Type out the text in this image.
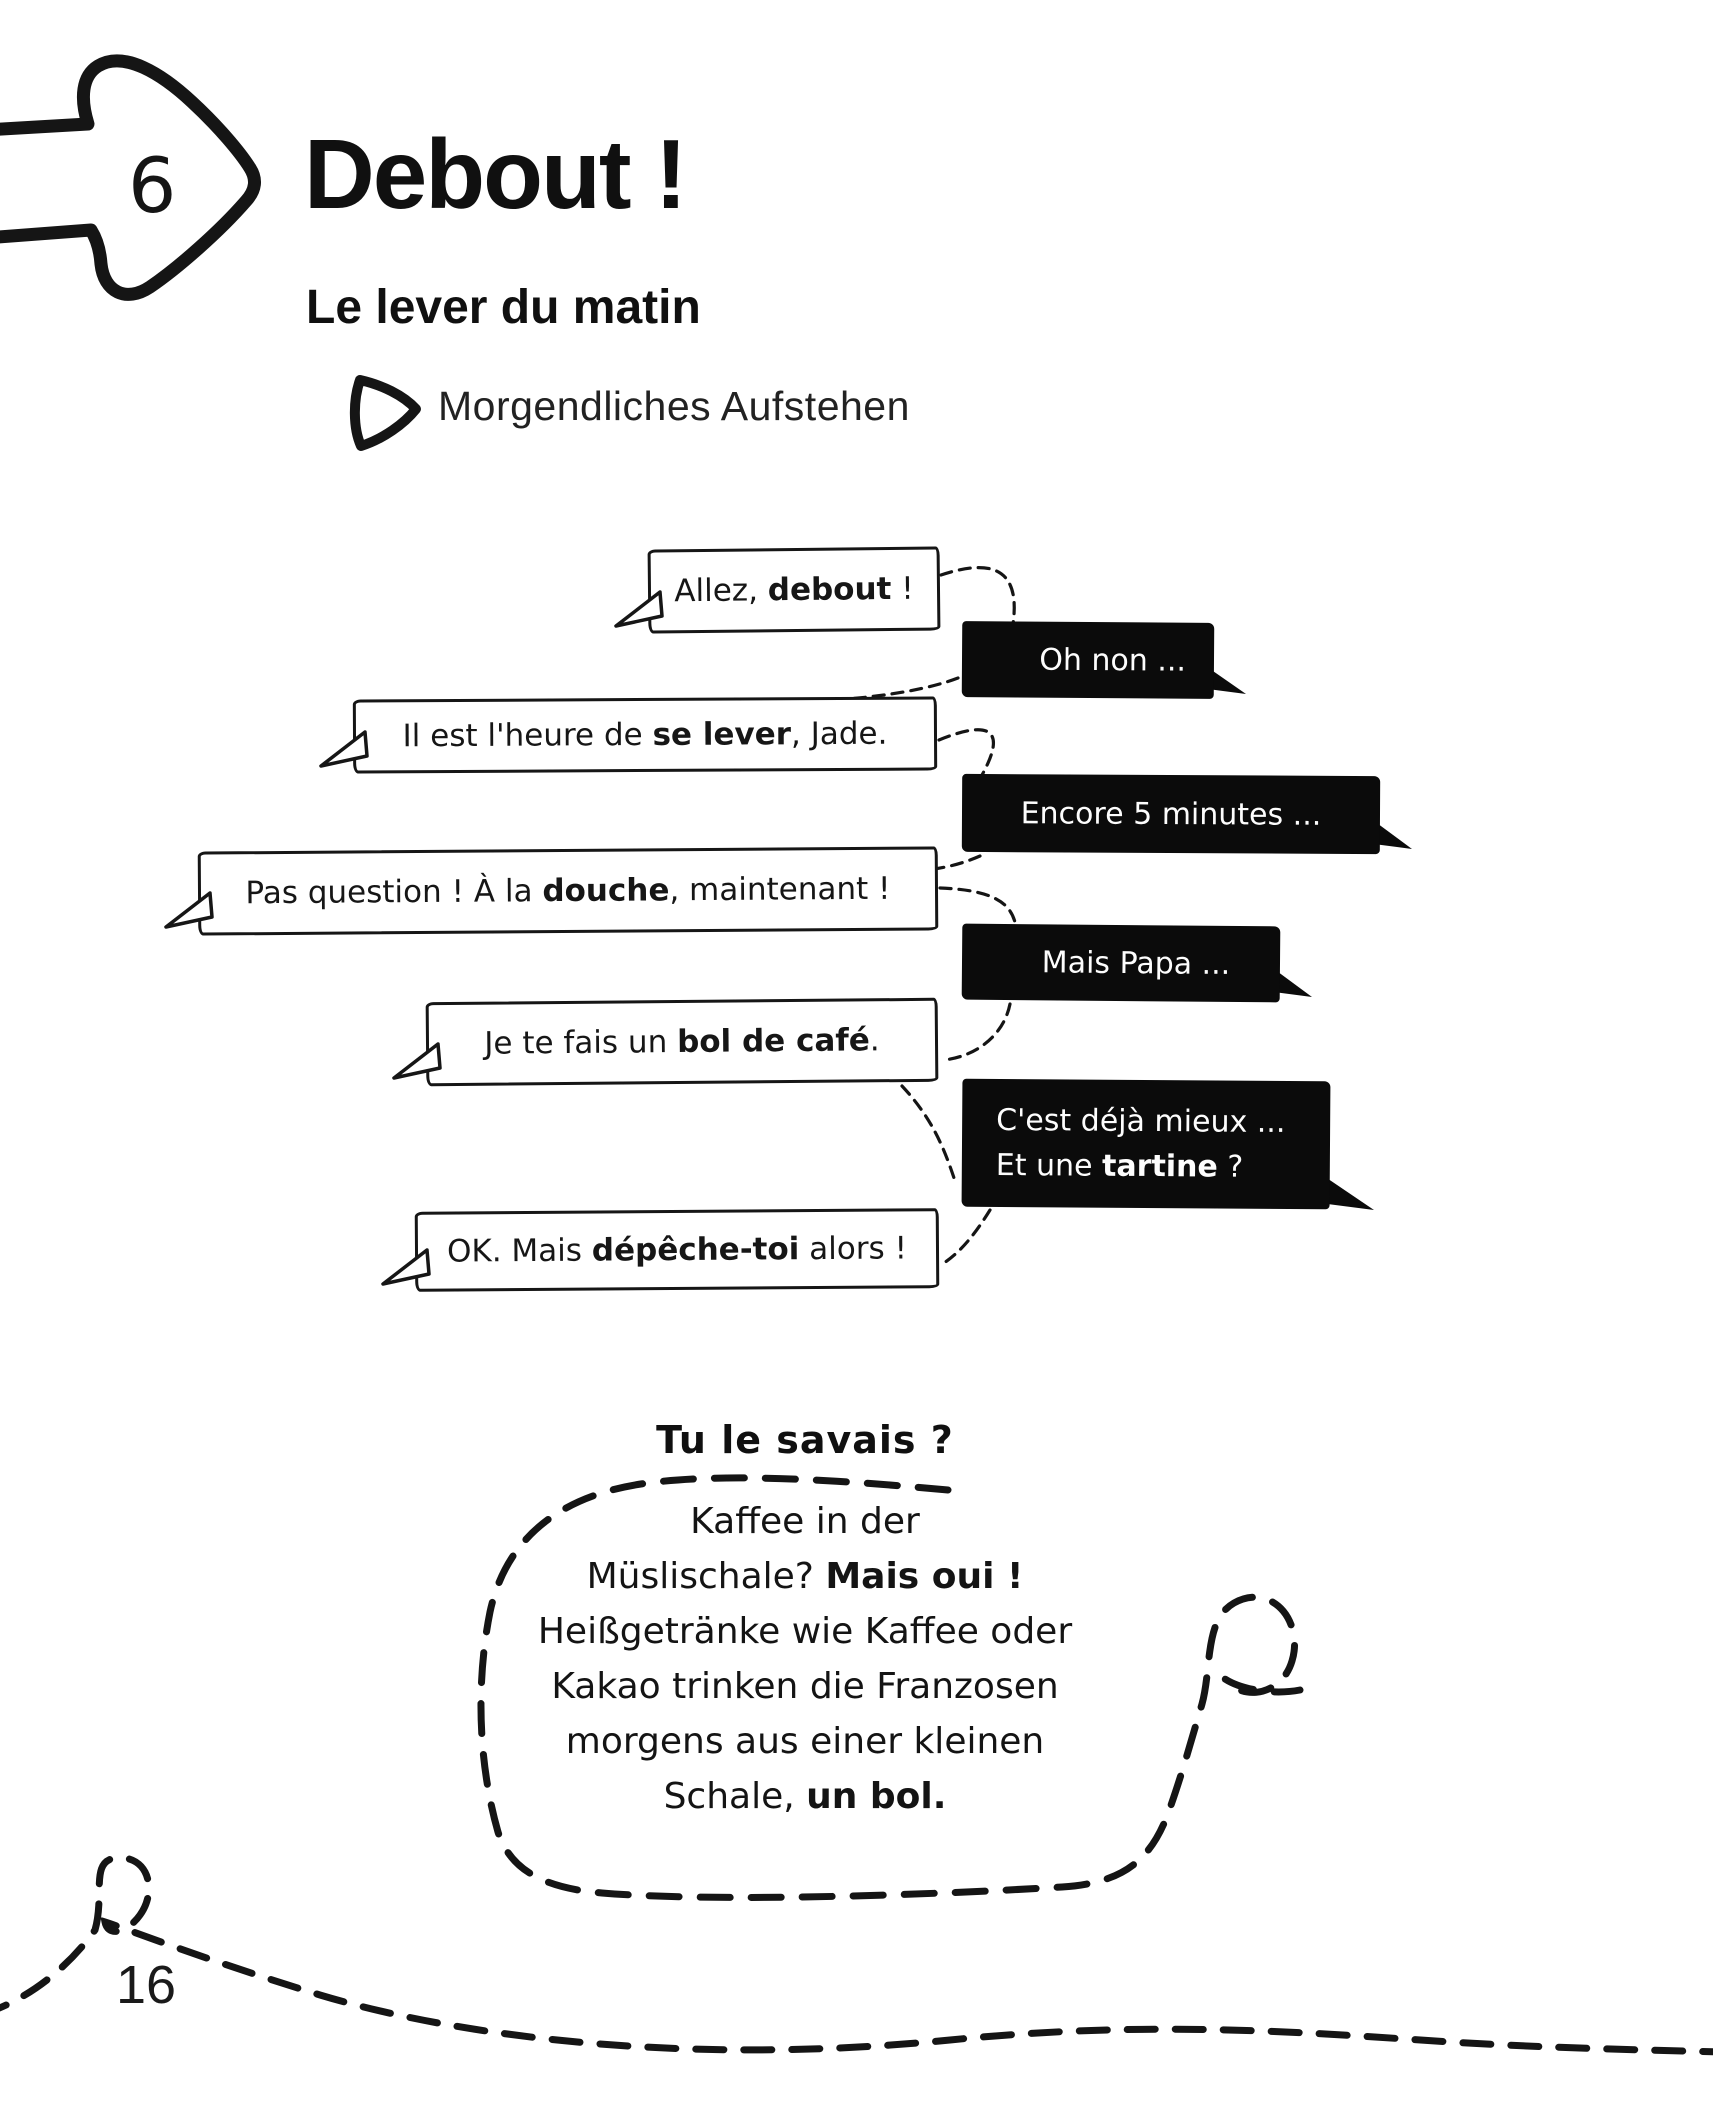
6 Debout !
Le lever du matin
Morgendliches Aufstehen
Allez, debout !
Oh non ...
Il est l'heure de se lever, Jade.
Encore 5 minutes ...
Pas question ! À la douche, maintenant !
Mais Papa ...
Je te fais un bol de café.
C'est déjà mieux ...
Et une tartine ?
OK. Mais dépêche-toi alors !
Tu le savais ?
Kaffee in der
Müslischale? Mais oui !
Heißgetränke wie Kaffee oder
Kakao trinken die Franzosen
morgens aus einer kleinen
Schale, un bol.
16
